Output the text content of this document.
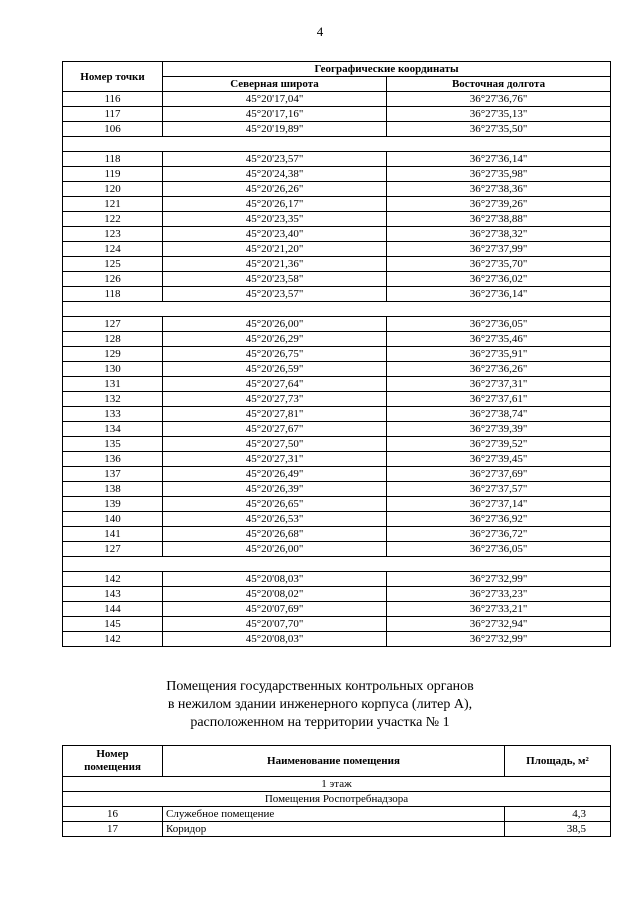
4
Номер точки	Географические координаты	
	Северная широта	Восточная долгота
116	45°20'17,04"	36°27'36,76"
117	45°20'17,16"	36°27'35,13"
106	45°20'19,89"	36°27'35,50"

118	45°20'23,57"	36°27'36,14"
119	45°20'24,38"	36°27'35,98"
120	45°20'26,26"	36°27'38,36"
121	45°20'26,17"	36°27'39,26"
122	45°20'23,35"	36°27'38,88"
123	45°20'23,40"	36°27'38,32"
124	45°20'21,20"	36°27'37,99"
125	45°20'21,36"	36°27'35,70"
126	45°20'23,58"	36°27'36,02"
118	45°20'23,57"	36°27'36,14"

127	45°20'26,00"	36°27'36,05"
128	45°20'26,29"	36°27'35,46"
129	45°20'26,75"	36°27'35,91"
130	45°20'26,59"	36°27'36,26"
131	45°20'27,64"	36°27'37,31"
132	45°20'27,73"	36°27'37,61"
133	45°20'27,81"	36°27'38,74"
134	45°20'27,67"	36°27'39,39"
135	45°20'27,50"	36°27'39,52"
136	45°20'27,31"	36°27'39,45"
137	45°20'26,49"	36°27'37,69"
138	45°20'26,39"	36°27'37,57"
139	45°20'26,65"	36°27'37,14"
140	45°20'26,53"	36°27'36,92"
141	45°20'26,68"	36°27'36,72"
127	45°20'26,00"	36°27'36,05"

142	45°20'08,03"	36°27'32,99"
143	45°20'08,02"	36°27'33,23"
144	45°20'07,69"	36°27'33,21"
145	45°20'07,70"	36°27'32,94"
142	45°20'08,03"	36°27'32,99"
Помещения государственных контрольных органов
в нежилом здании инженерного корпуса (литер А),
расположенном на территории участка № 1
Номер
помещения	Наименование помещения	Площадь, м²
1 этаж		
Помещения Роспотребнадзора		
16	Служебное помещение	4,3
17	Коридор	38,5
